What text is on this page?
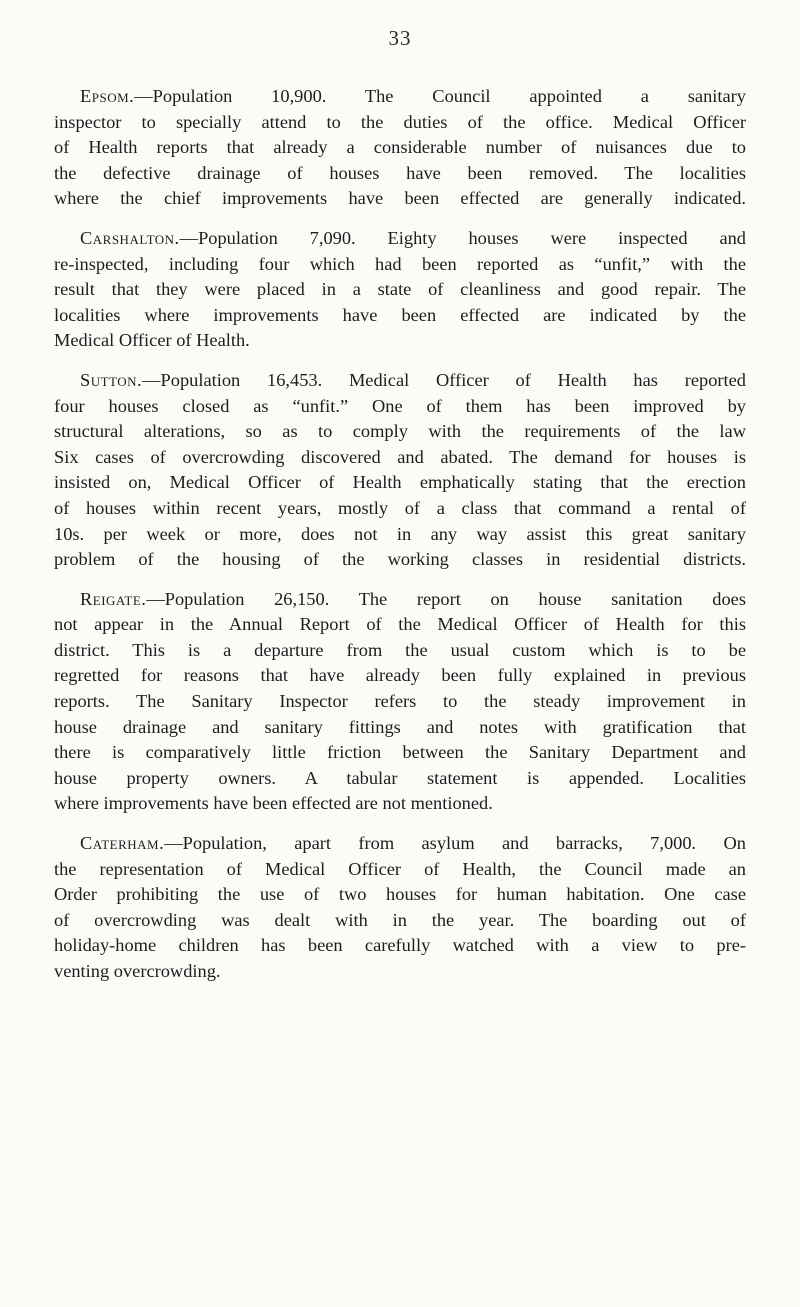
33

Epsom.—Population 10,900. The Council appointed a sanitary
inspector to specially attend to the duties of the office. Medical Officer
of Health reports that already a considerable number of nuisances due to
the defective drainage of houses have been removed. The localities
where the chief improvements have been effected are generally indicated.

Carshalton.—Population 7,090. Eighty houses were inspected and
re-inspected, including four which had been reported as “unfit,” with the
result that they were placed in a state of cleanliness and good repair. The
localities where improvements have been effected are indicated by the
Medical Officer of Health.

Sutton.—Population 16,453. Medical Officer of Health has reported
four houses closed as “unfit.” One of them has been improved by
structural alterations, so as to comply with the requirements of the law
Six cases of overcrowding discovered and abated. The demand for houses is
insisted on, Medical Officer of Health emphatically stating that the erection
of houses within recent years, mostly of a class that command a rental of
10s. per week or more, does not in any way assist this great sanitary
problem of the housing of the working classes in residential districts.

Reigate.—Population 26,150. The report on house sanitation does
not appear in the Annual Report of the Medical Officer of Health for this
district. This is a departure from the usual custom which is to be
regretted for reasons that have already been fully explained in previous
reports. The Sanitary Inspector refers to the steady improvement in
house drainage and sanitary fittings and notes with gratification that
there is comparatively little friction between the Sanitary Department and
house property owners. A tabular statement is appended. Localities
where improvements have been effected are not mentioned.

Caterham.—Population, apart from asylum and barracks, 7,000. On
the representation of Medical Officer of Health, the Council made an
Order prohibiting the use of two houses for human habitation. One case
of overcrowding was dealt with in the year. The boarding out of
holiday-home children has been carefully watched with a view to pre-
venting overcrowding.
